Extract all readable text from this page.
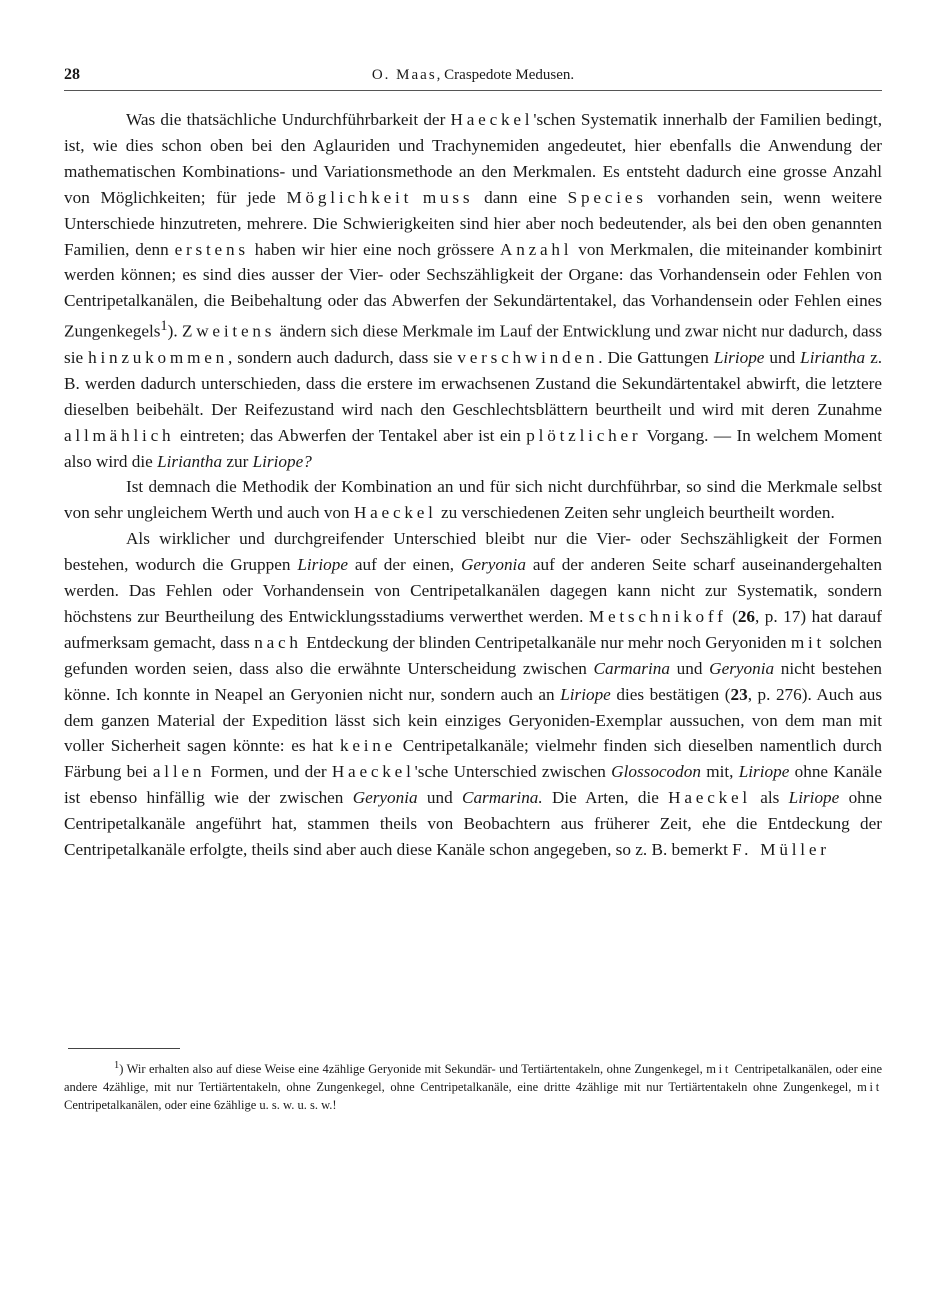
28	O. Maas, Craspedote Medusen.

Was die thatsächliche Undurchführbarkeit der Haeckel'schen Systematik innerhalb der Familien bedingt, ist, wie dies schon oben bei den Aglauriden und Trachynemiden angedeutet, hier ebenfalls die Anwendung der mathematischen Kombinations- und Variationsmethode an den Merkmalen. Es entsteht dadurch eine grosse Anzahl von Möglichkeiten; für jede Möglichkeit muss dann eine Species vorhanden sein, wenn weitere Unterschiede hinzutreten, mehrere. Die Schwierigkeiten sind hier aber noch bedeutender, als bei den oben genannten Familien, denn erstens haben wir hier eine noch grössere Anzahl von Merkmalen, die miteinander kombinirt werden können; es sind dies ausser der Vier- oder Sechszähligkeit der Organe: das Vorhandensein oder Fehlen von Centripetalkanälen, die Beibehaltung oder das Abwerfen der Sekundärtentakel, das Vorhandensein oder Fehlen eines Zungenkegels$^1$). Zweitens ändern sich diese Merkmale im Lauf der Entwicklung und zwar nicht nur dadurch, dass sie hinzukommen, sondern auch dadurch, dass sie verschwinden. Die Gattungen Liriope und Liriantha z. B. werden dadurch unterschieden, dass die erstere im erwachsenen Zustand die Sekundärtentakel abwirft, die letztere dieselben beibehält. Der Reifezustand wird nach den Geschlechtsblättern beurtheilt und wird mit deren Zunahme allmählich eintreten; das Abwerfen der Tentakel aber ist ein plötzlicher Vorgang. — In welchem Moment also wird die Liriantha zur Liriope?

Ist demnach die Methodik der Kombination an und für sich nicht durchführbar, so sind die Merkmale selbst von sehr ungleichem Werth und auch von Haeckel zu verschiedenen Zeiten sehr ungleich beurtheilt worden.

Als wirklicher und durchgreifender Unterschied bleibt nur die Vier- oder Sechszähligkeit der Formen bestehen, wodurch die Gruppen Liriope auf der einen, Geryonia auf der anderen Seite scharf auseinandergehalten werden. Das Fehlen oder Vorhandensein von Centripetalkanälen dagegen kann nicht zur Systematik, sondern höchstens zur Beurtheilung des Entwicklungsstadiums verwerthet werden. Metschnikoff (26, p. 17) hat darauf aufmerksam gemacht, dass nach Entdeckung der blinden Centripetalkanäle nur mehr noch Geryoniden mit solchen gefunden worden seien, dass also die erwähnte Unterscheidung zwischen Carmarina und Geryonia nicht bestehen könne. Ich konnte in Neapel an Geryonien nicht nur, sondern auch an Liriope dies bestätigen (23, p. 276). Auch aus dem ganzen Material der Expedition lässt sich kein einziges Geryoniden-Exemplar aussuchen, von dem man mit voller Sicherheit sagen könnte: es hat keine Centripetalkanäle; vielmehr finden sich dieselben namentlich durch Färbung bei allen Formen, und der Haeckel'sche Unterschied zwischen Glossocodon mit, Liriope ohne Kanäle ist ebenso hinfällig wie der zwischen Geryonia und Carmarina. Die Arten, die Haeckel als Liriope ohne Centripetalkanäle angeführt hat, stammen theils von Beobachtern aus früherer Zeit, ehe die Entdeckung der Centripetalkanäle erfolgte, theils sind aber auch diese Kanäle schon angegeben, so z. B. bemerkt F. Müller

$^1$) Wir erhalten also auf diese Weise eine 4zählige Geryonide mit Sekundär- und Tertiärtentakeln, ohne Zungenkegel, mit Centripetalkanälen, oder eine andere 4zählige, mit nur Tertiärtentakeln, ohne Zungenkegel, ohne Centripetalkanäle, eine dritte 4zählige mit nur Tertiärtentakeln ohne Zungenkegel, mit Centripetalkanälen, oder eine 6zählige u. s. w. u. s. w.!
